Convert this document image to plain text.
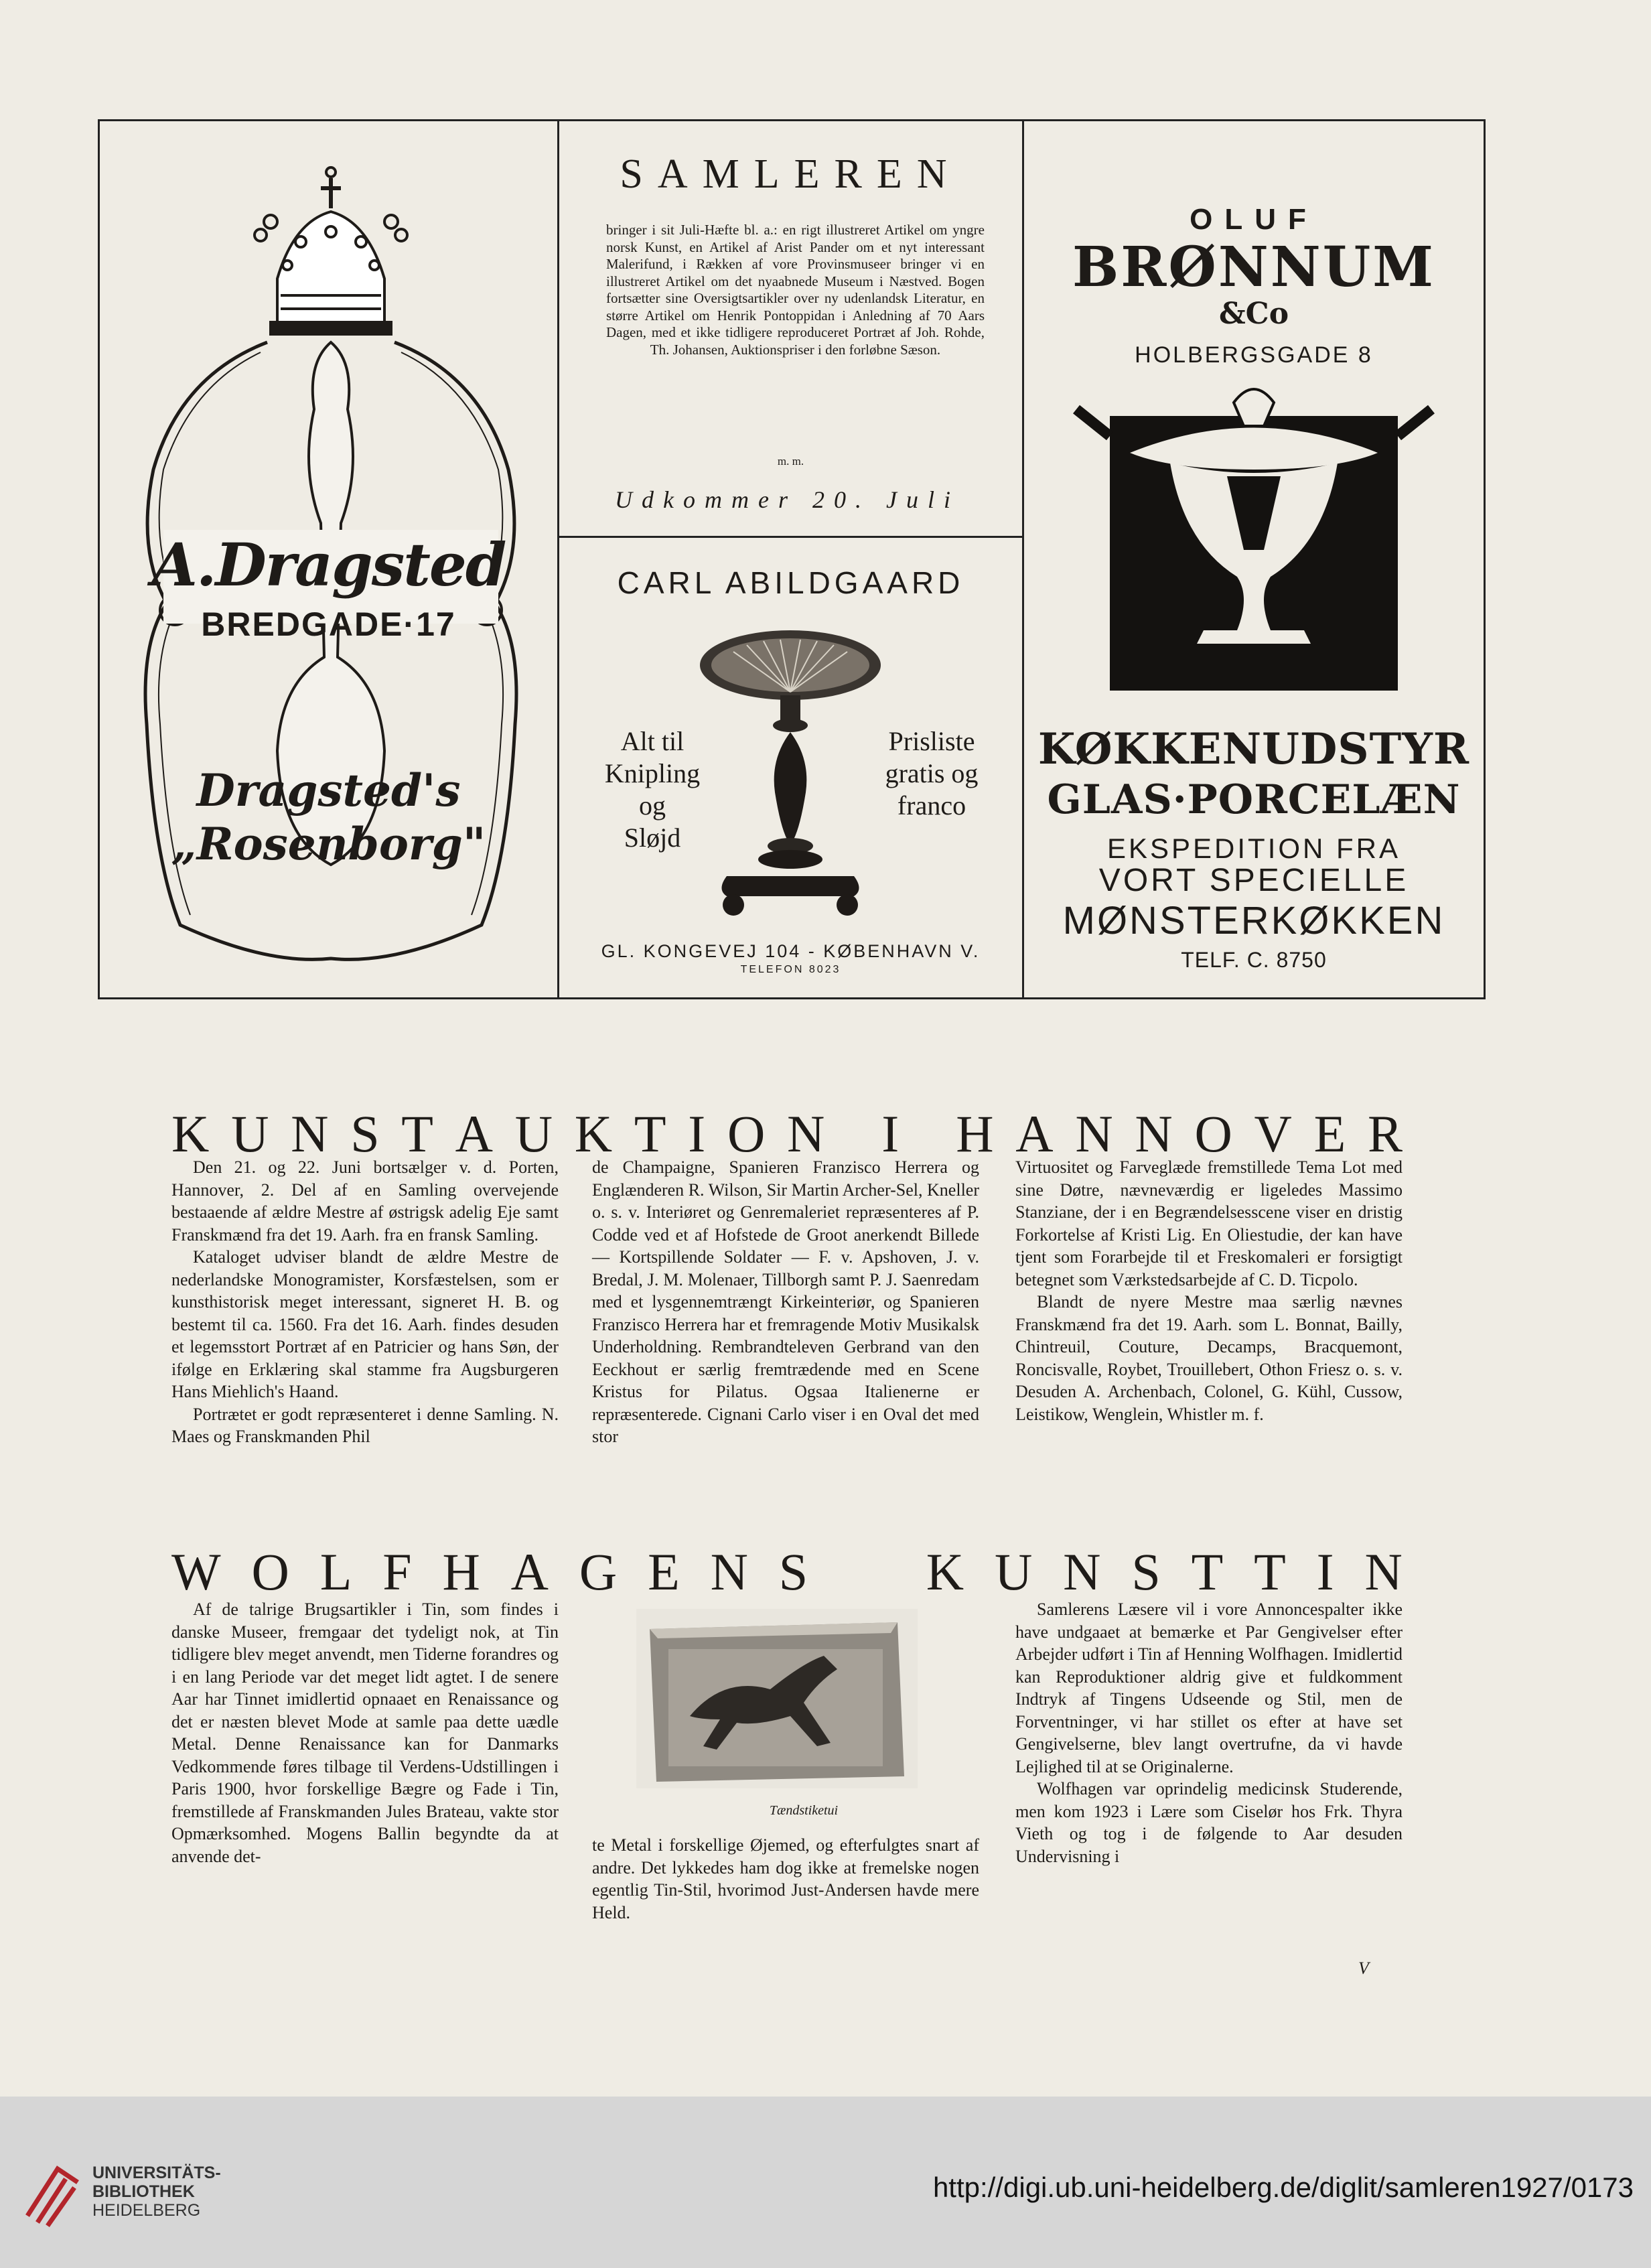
A.Dragsted
BREDGADE·17
Dragsted's
„Rosenborg"
SAMLEREN
bringer i sit Juli-Hæfte bl. a.: en rigt illustreret Artikel om yngre norsk Kunst, en Artikel af Arist Pander om et nyt interessant Malerifund, i Rækken af vore Provinsmuseer bringer vi en illustreret Artikel om det nyaabnede Museum i Næstved. Bogen fortsætter sine Oversigtsartikler over ny udenlandsk Literatur, en større Artikel om Henrik Pontoppidan i Anledning af 70 Aars Dagen, med et ikke tidligere reproduceret Portræt af Joh. Rohde, Th. Johansen, Auktionspriser i den forløbne Sæson.
m. m.
Udkommer 20. Juli
CARL ABILDGAARD
Alt til
Knipling og
Sløjd
Prisliste
gratis og
franco
GL. KONGEVEJ 104 - KØBENHAVN V.
TELEFON 8023
OLUF
BRØNNUM
&Co
HOLBERGSGADE 8
KØKKENUDSTYR
GLAS·PORCELÆN
EKSPEDITION FRA
VORT SPECIELLE
MØNSTERKØKKEN
TELF. C. 8750
K U N S T A U K T I O N
I
H A N N O V E R

Den 21. og 22. Juni bortsælger v. d. Porten, Hannover, 2. Del af en Samling overvejende bestaaende af ældre Mestre af østrigsk adelig Eje samt Franskmænd fra det 19. Aarh. fra en fransk Samling.

Kataloget udviser blandt de ældre Mestre de nederlandske Monogramister, Korsfæstelsen, som er kunsthistorisk meget interessant, signeret H. B. og bestemt til ca. 1560. Fra det 16. Aarh. findes desuden et legemsstort Portræt af en Patricier og hans Søn, der ifølge en Erklæring skal stamme fra Augsburgeren Hans Miehlich's Haand.

Portrætet er godt repræsenteret i denne Samling. N. Maes og Franskmanden Phil

de Champaigne, Spanieren Franzisco Herrera og Englænderen R. Wilson, Sir Martin Archer-Sel, Kneller o. s. v. Interiøret og Genremaleriet repræsenteres af P. Codde ved et af Hofstede de Groot anerkendt Billede — Kortspillende Soldater — F. v. Apshoven, J. v. Bredal, J. M. Molenaer, Tillborgh samt P. J. Saenredam med et lysgennemtrængt Kirkeinteriør, og Spanieren Franzisco Herrera har et fremragende Motiv Musikalsk Underholdning. Rembrandteleven Gerbrand van den Eeckhout er særlig fremtrædende med en Scene Kristus for Pilatus. Ogsaa Italienerne er repræsenterede. Cignani Carlo viser i en Oval det med stor

Virtuositet og Farveglæde fremstillede Tema Lot med sine Døtre, nævneværdig er ligeledes Massimo Stanziane, der i en Begrændelsesscene viser en dristig Forkortelse af Kristi Lig. En Oliestudie, der kan have tjent som Forarbejde til et Freskomaleri er forsigtigt betegnet som Værkstedsarbejde af C. D. Ticpolo.

Blandt de nyere Mestre maa særlig nævnes Franskmænd fra det 19. Aarh. som L. Bonnat, Bailly, Chintreuil, Couture, Decamps, Bracquemont, Roncisvalle, Roybet, Trouillebert, Othon Friesz o. s. v. Desuden A. Archenbach, Colonel, G. Kühl, Cussow, Leistikow, Wenglein, Whistler m. f.

W O L F H A G E N S

K U N S T T I N

Af de talrige Brugsartikler i Tin, som findes i danske Museer, fremgaar det tydeligt nok, at Tin tidligere blev meget anvendt, men Tiderne forandres og i en lang Periode var det meget lidt agtet. I de senere Aar har Tinnet imidlertid opnaaet en Renaissance og det er næsten blevet Mode at samle paa dette uædle Metal. Denne Renaissance kan for Danmarks Vedkommende føres tilbage til Verdens-Udstillingen i Paris 1900, hvor forskellige Bægre og Fade i Tin, fremstillede af Franskmanden Jules Brateau, vakte stor Opmærksomhed. Mogens Ballin begyndte da at anvende det-

Tændstiketui

te Metal i forskellige Øjemed, og efterfulgtes snart af andre. Det lykkedes ham dog ikke at fremelske nogen egentlig Tin-Stil, hvorimod Just-Andersen havde mere Held.

Samlerens Læsere vil i vore Annoncespalter ikke have undgaaet at bemærke et Par Gengivelser efter Arbejder udført i Tin af Henning Wolfhagen. Imidlertid kan Reproduktioner aldrig give et fuldkomment Indtryk af Tingens Udseende og Stil, men de Forventninger, vi har stillet os efter at have set Gengivelserne, blev langt overtrufne, da vi havde Lejlighed til at se Originalerne.

Wolfhagen var oprindelig medicinsk Studerende, men kom 1923 i Lære som Ciselør hos Frk. Thyra Vieth og tog i de følgende to Aar desuden Undervisning i

V
UNIVERSITÄTS-
BIBLIOTHEK
HEIDELBERG
http://digi.ub.uni-heidelberg.de/diglit/samleren1927/0173
